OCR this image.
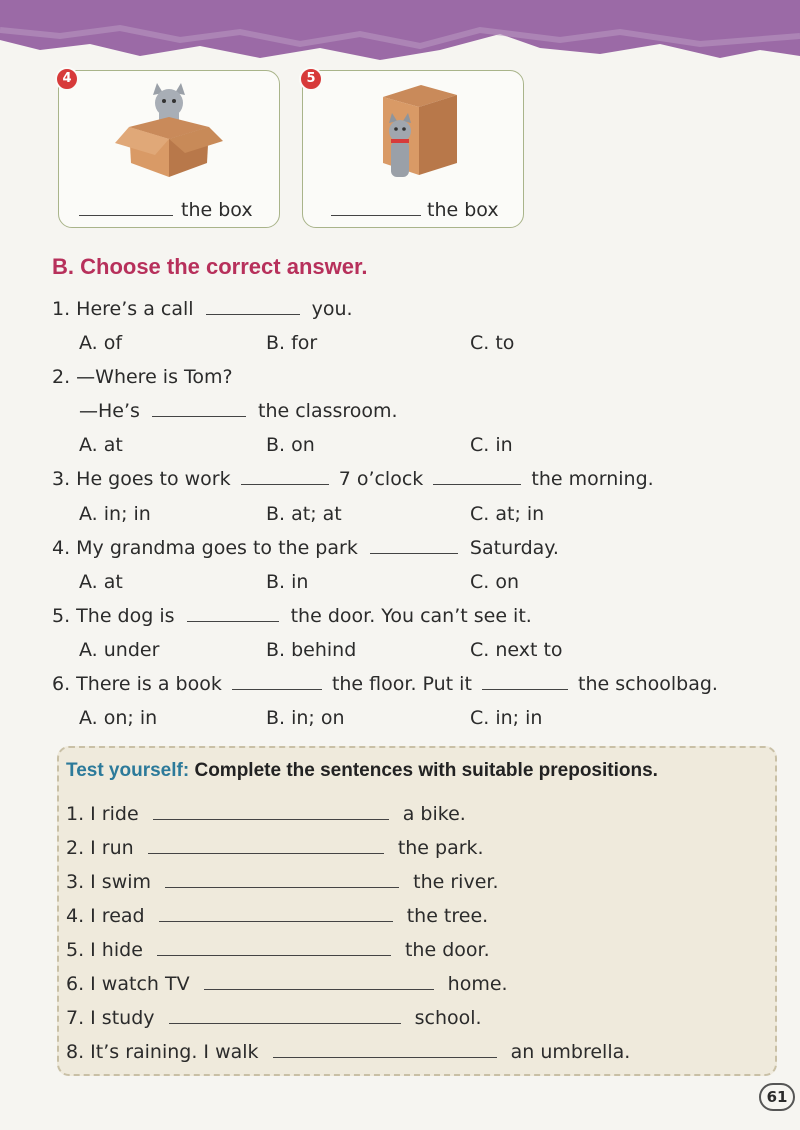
4
the box
5
the box
B. Choose the correct answer.
1. Here’s a call	you.
A. of	B. for	C. to
2. —Where is Tom?
—He’s	the classroom.
A. at	B. on	C. in
3. He goes to work	7 o’clock	the morning.
A. in; in	B. at; at	C. at; in
4. My grandma goes to the park	Saturday.
A. at	B. in	C. on
5. The dog is	the door. You can’t see it.
A. under	B. behind	C. next to
6. There is a book	the floor. Put it	the schoolbag.
A. on; in	B. in; on	C. in; in
Test yourself: Complete the sentences with suitable prepositions.
1. I ride	a bike.
2. I run	the park.
3. I swim	the river.
4. I read	the tree.
5. I hide	the door.
6. I watch TV	home.
7. I study	school.
8. It’s raining. I walk	an umbrella.
61
